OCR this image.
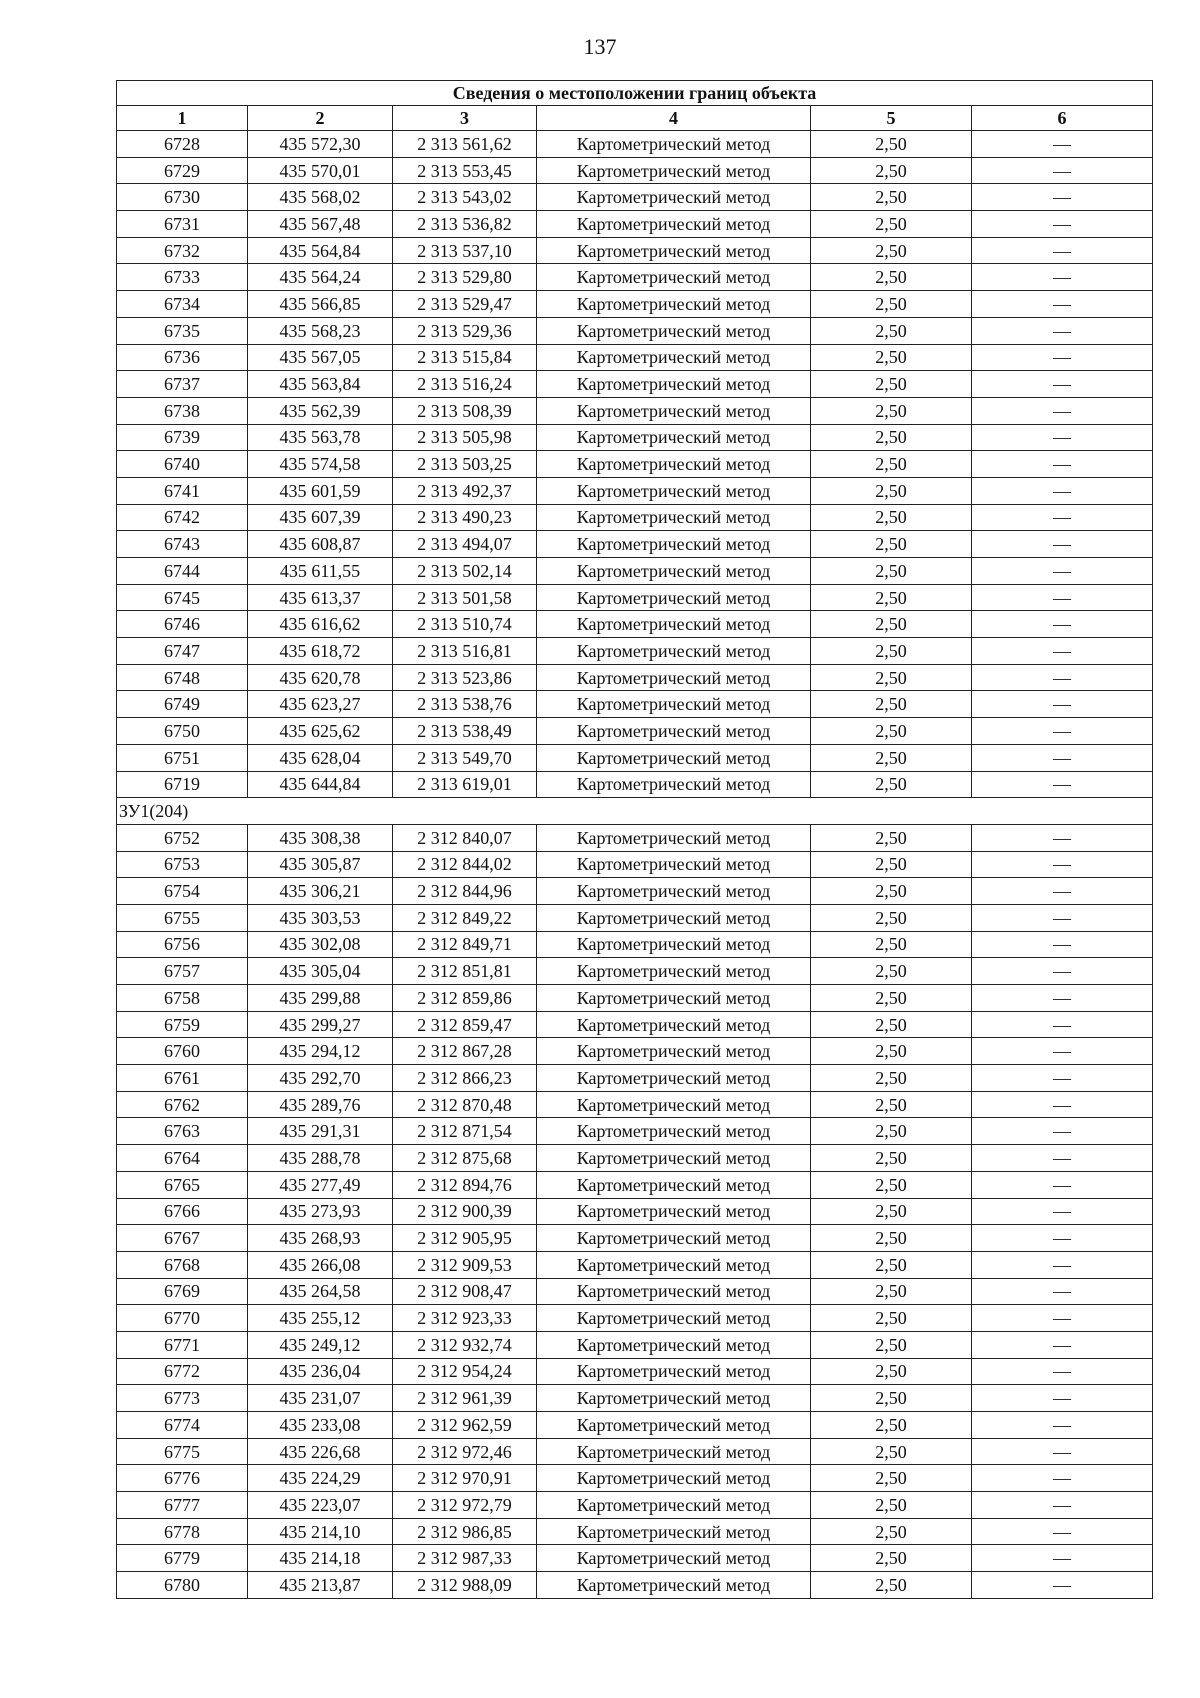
137
Сведения о местоположении границ объекта					
1	2	3	4	5	6
6728	435 572,30	2 313 561,62	Картометрический метод	2,50	—
6729	435 570,01	2 313 553,45	Картометрический метод	2,50	—
6730	435 568,02	2 313 543,02	Картометрический метод	2,50	—
6731	435 567,48	2 313 536,82	Картометрический метод	2,50	—
6732	435 564,84	2 313 537,10	Картометрический метод	2,50	—
6733	435 564,24	2 313 529,80	Картометрический метод	2,50	—
6734	435 566,85	2 313 529,47	Картометрический метод	2,50	—
6735	435 568,23	2 313 529,36	Картометрический метод	2,50	—
6736	435 567,05	2 313 515,84	Картометрический метод	2,50	—
6737	435 563,84	2 313 516,24	Картометрический метод	2,50	—
6738	435 562,39	2 313 508,39	Картометрический метод	2,50	—
6739	435 563,78	2 313 505,98	Картометрический метод	2,50	—
6740	435 574,58	2 313 503,25	Картометрический метод	2,50	—
6741	435 601,59	2 313 492,37	Картометрический метод	2,50	—
6742	435 607,39	2 313 490,23	Картометрический метод	2,50	—
6743	435 608,87	2 313 494,07	Картометрический метод	2,50	—
6744	435 611,55	2 313 502,14	Картометрический метод	2,50	—
6745	435 613,37	2 313 501,58	Картометрический метод	2,50	—
6746	435 616,62	2 313 510,74	Картометрический метод	2,50	—
6747	435 618,72	2 313 516,81	Картометрический метод	2,50	—
6748	435 620,78	2 313 523,86	Картометрический метод	2,50	—
6749	435 623,27	2 313 538,76	Картометрический метод	2,50	—
6750	435 625,62	2 313 538,49	Картометрический метод	2,50	—
6751	435 628,04	2 313 549,70	Картометрический метод	2,50	—
6719	435 644,84	2 313 619,01	Картометрический метод	2,50	—
ЗУ1(204)					
6752	435 308,38	2 312 840,07	Картометрический метод	2,50	—
6753	435 305,87	2 312 844,02	Картометрический метод	2,50	—
6754	435 306,21	2 312 844,96	Картометрический метод	2,50	—
6755	435 303,53	2 312 849,22	Картометрический метод	2,50	—
6756	435 302,08	2 312 849,71	Картометрический метод	2,50	—
6757	435 305,04	2 312 851,81	Картометрический метод	2,50	—
6758	435 299,88	2 312 859,86	Картометрический метод	2,50	—
6759	435 299,27	2 312 859,47	Картометрический метод	2,50	—
6760	435 294,12	2 312 867,28	Картометрический метод	2,50	—
6761	435 292,70	2 312 866,23	Картометрический метод	2,50	—
6762	435 289,76	2 312 870,48	Картометрический метод	2,50	—
6763	435 291,31	2 312 871,54	Картометрический метод	2,50	—
6764	435 288,78	2 312 875,68	Картометрический метод	2,50	—
6765	435 277,49	2 312 894,76	Картометрический метод	2,50	—
6766	435 273,93	2 312 900,39	Картометрический метод	2,50	—
6767	435 268,93	2 312 905,95	Картометрический метод	2,50	—
6768	435 266,08	2 312 909,53	Картометрический метод	2,50	—
6769	435 264,58	2 312 908,47	Картометрический метод	2,50	—
6770	435 255,12	2 312 923,33	Картометрический метод	2,50	—
6771	435 249,12	2 312 932,74	Картометрический метод	2,50	—
6772	435 236,04	2 312 954,24	Картометрический метод	2,50	—
6773	435 231,07	2 312 961,39	Картометрический метод	2,50	—
6774	435 233,08	2 312 962,59	Картометрический метод	2,50	—
6775	435 226,68	2 312 972,46	Картометрический метод	2,50	—
6776	435 224,29	2 312 970,91	Картометрический метод	2,50	—
6777	435 223,07	2 312 972,79	Картометрический метод	2,50	—
6778	435 214,10	2 312 986,85	Картометрический метод	2,50	—
6779	435 214,18	2 312 987,33	Картометрический метод	2,50	—
6780	435 213,87	2 312 988,09	Картометрический метод	2,50	—
